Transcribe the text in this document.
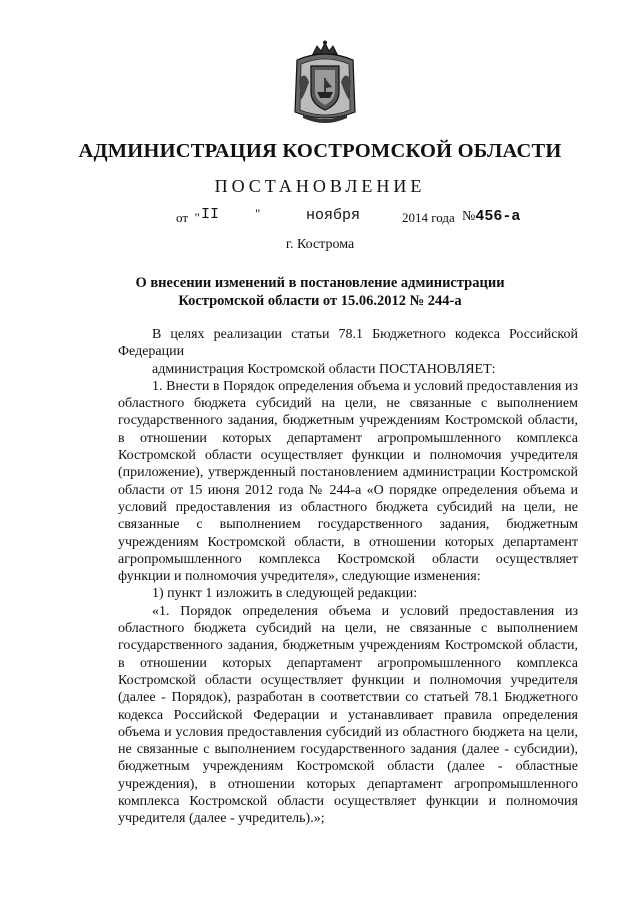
АДМИНИСТРАЦИЯ КОСТРОМСКОЙ ОБЛАСТИ
ПОСТАНОВЛЕНИЕ
от  " II	"	ноября	2014 года №456-а
г. Кострома
О внесении изменений в постановление администрации
Костромской области от 15.06.2012 № 244-а

В целях реализации статьи 78.1 Бюджетного кодекса Российской Федерации

администрация Костромской области ПОСТАНОВЛЯЕТ:

1. Внести в Порядок определения объема и условий предоставления из областного бюджета субсидий на цели, не связанные с выполнением государственного задания, бюджетным учреждениям Костромской области, в отношении которых департамент агропромышленного комплекса Костромской области осуществляет функции и полномочия учредителя (приложение), утвержденный постановлением администрации Костромской области от 15 июня 2012 года № 244-а «О порядке определения объема и условий предоставления из областного бюджета субсидий на цели, не связанные с выполнением государственного задания, бюджетным учреждениям Костромской области, в отношении которых департамент агропромышленного комплекса Костромской области осуществляет функции и полномочия учредителя», следующие изменения:

1) пункт 1 изложить в следующей редакции:

«1. Порядок определения объема и условий предоставления из областного бюджета субсидий на цели, не связанные с выполнением государственного задания, бюджетным учреждениям Костромской области, в отношении которых департамент агропромышленного комплекса Костромской области осуществляет функции и полномочия учредителя (далее - Порядок), разработан в соответствии со статьей 78.1 Бюджетного кодекса Российской Федерации и устанавливает правила определения объема и условия предоставления субсидий из областного бюджета на цели, не связанные с выполнением государственного задания (далее - субсидии), бюджетным учреждениям Костромской области (далее - областные учреждения), в отношении которых департамент агропромышленного комплекса Костромской области осуществляет функции и полномочия учредителя (далее - учредитель).»;
